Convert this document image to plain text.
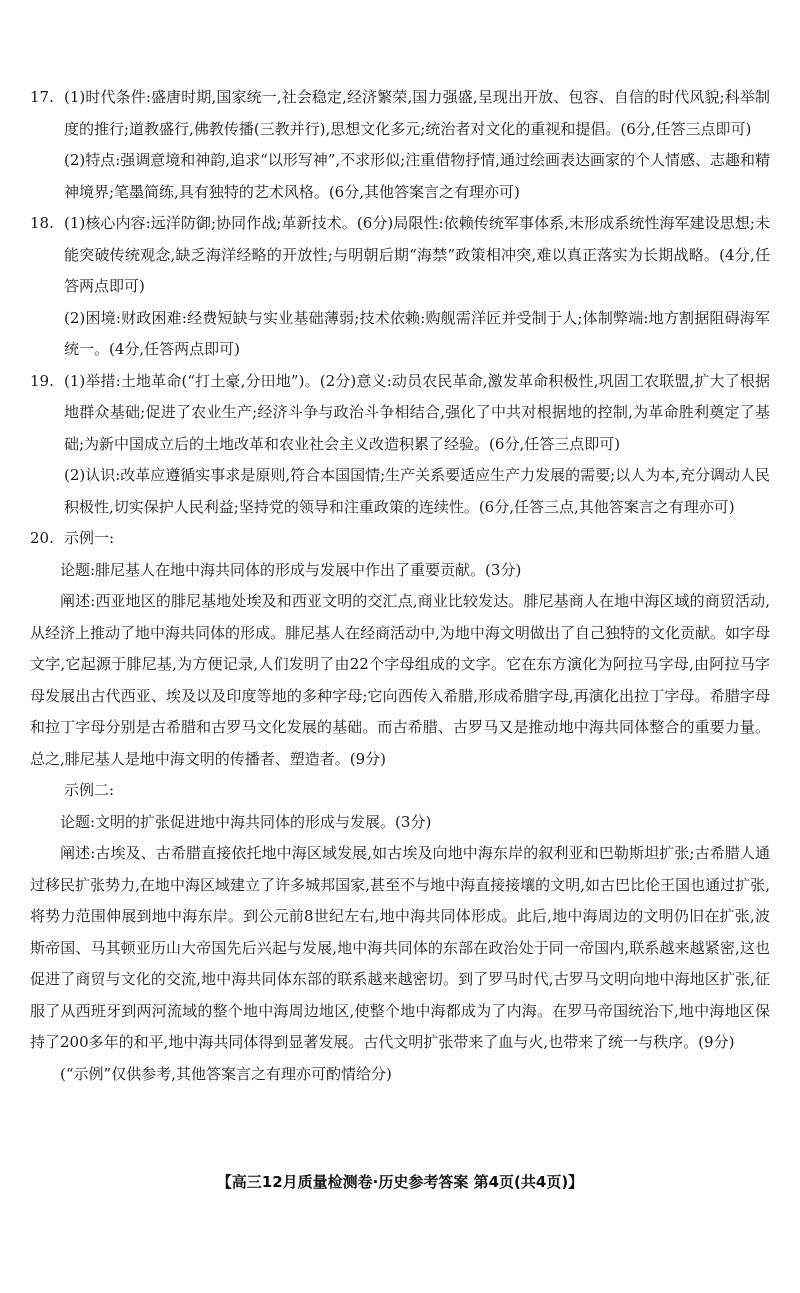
17. (1)时代条件:盛唐时期,国家统一,社会稳定,经济繁荣,国力强盛,呈现出开放、包容、自信的时代风貌;科举制度的推行;道教盛行,佛教传播(三教并行),思想文化多元;统治者对文化的重视和提倡。(6分,任答三点即可)

(2)特点:强调意境和神韵,追求“以形写神”,不求形似;注重借物抒情,通过绘画表达画家的个人情感、志趣和精神境界;笔墨简练,具有独特的艺术风格。(6分,其他答案言之有理亦可)

18. (1)核心内容:远洋防御;协同作战;革新技术。(6分)局限性:依赖传统军事体系,未形成系统性海军建设思想;未能突破传统观念,缺乏海洋经略的开放性;与明朝后期“海禁”政策相冲突,难以真正落实为长期战略。(4分,任答两点即可)

(2)困境:财政困难:经费短缺与实业基础薄弱;技术依赖:购舰需洋匠并受制于人;体制弊端:地方割据阻碍海军统一。(4分,任答两点即可)

19. (1)举措:土地革命(“打土豪,分田地”)。(2分)意义:动员农民革命,激发革命积极性,巩固工农联盟,扩大了根据地群众基础;促进了农业生产;经济斗争与政治斗争相结合,强化了中共对根据地的控制,为革命胜利奠定了基础;为新中国成立后的土地改革和农业社会主义改造积累了经验。(6分,任答三点即可)

(2)认识:改革应遵循实事求是原则,符合本国国情;生产关系要适应生产力发展的需要;以人为本,充分调动人民积极性,切实保护人民利益;坚持党的领导和注重政策的连续性。(6分,任答三点,其他答案言之有理亦可)

20. 示例一:

论题:腓尼基人在地中海共同体的形成与发展中作出了重要贡献。(3分)

阐述:西亚地区的腓尼基地处埃及和西亚文明的交汇点,商业比较发达。腓尼基商人在地中海区域的商贸活动,从经济上推动了地中海共同体的形成。腓尼基人在经商活动中,为地中海文明做出了自己独特的文化贡献。如字母文字,它起源于腓尼基,为方便记录,人们发明了由22个字母组成的文字。它在东方演化为阿拉马字母,由阿拉马字母发展出古代西亚、埃及以及印度等地的多种字母;它向西传入希腊,形成希腊字母,再演化出拉丁字母。希腊字母和拉丁字母分别是古希腊和古罗马文化发展的基础。而古希腊、古罗马又是推动地中海共同体整合的重要力量。总之,腓尼基人是地中海文明的传播者、塑造者。(9分)

示例二:

论题:文明的扩张促进地中海共同体的形成与发展。(3分)

阐述:古埃及、古希腊直接依托地中海区域发展,如古埃及向地中海东岸的叙利亚和巴勒斯坦扩张;古希腊人通过移民扩张势力,在地中海区域建立了许多城邦国家,甚至不与地中海直接接壤的文明,如古巴比伦王国也通过扩张,将势力范围伸展到地中海东岸。到公元前8世纪左右,地中海共同体形成。此后,地中海周边的文明仍旧在扩张,波斯帝国、马其顿亚历山大帝国先后兴起与发展,地中海共同体的东部在政治处于同一帝国内,联系越来越紧密,这也促进了商贸与文化的交流,地中海共同体东部的联系越来越密切。到了罗马时代,古罗马文明向地中海地区扩张,征服了从西班牙到两河流域的整个地中海周边地区,使整个地中海都成为了内海。在罗马帝国统治下,地中海地区保持了200多年的和平,地中海共同体得到显著发展。古代文明扩张带来了血与火,也带来了统一与秩序。(9分)

(“示例”仅供参考,其他答案言之有理亦可酌情给分)

【高三12月质量检测卷·历史参考答案 第4页(共4页)】
